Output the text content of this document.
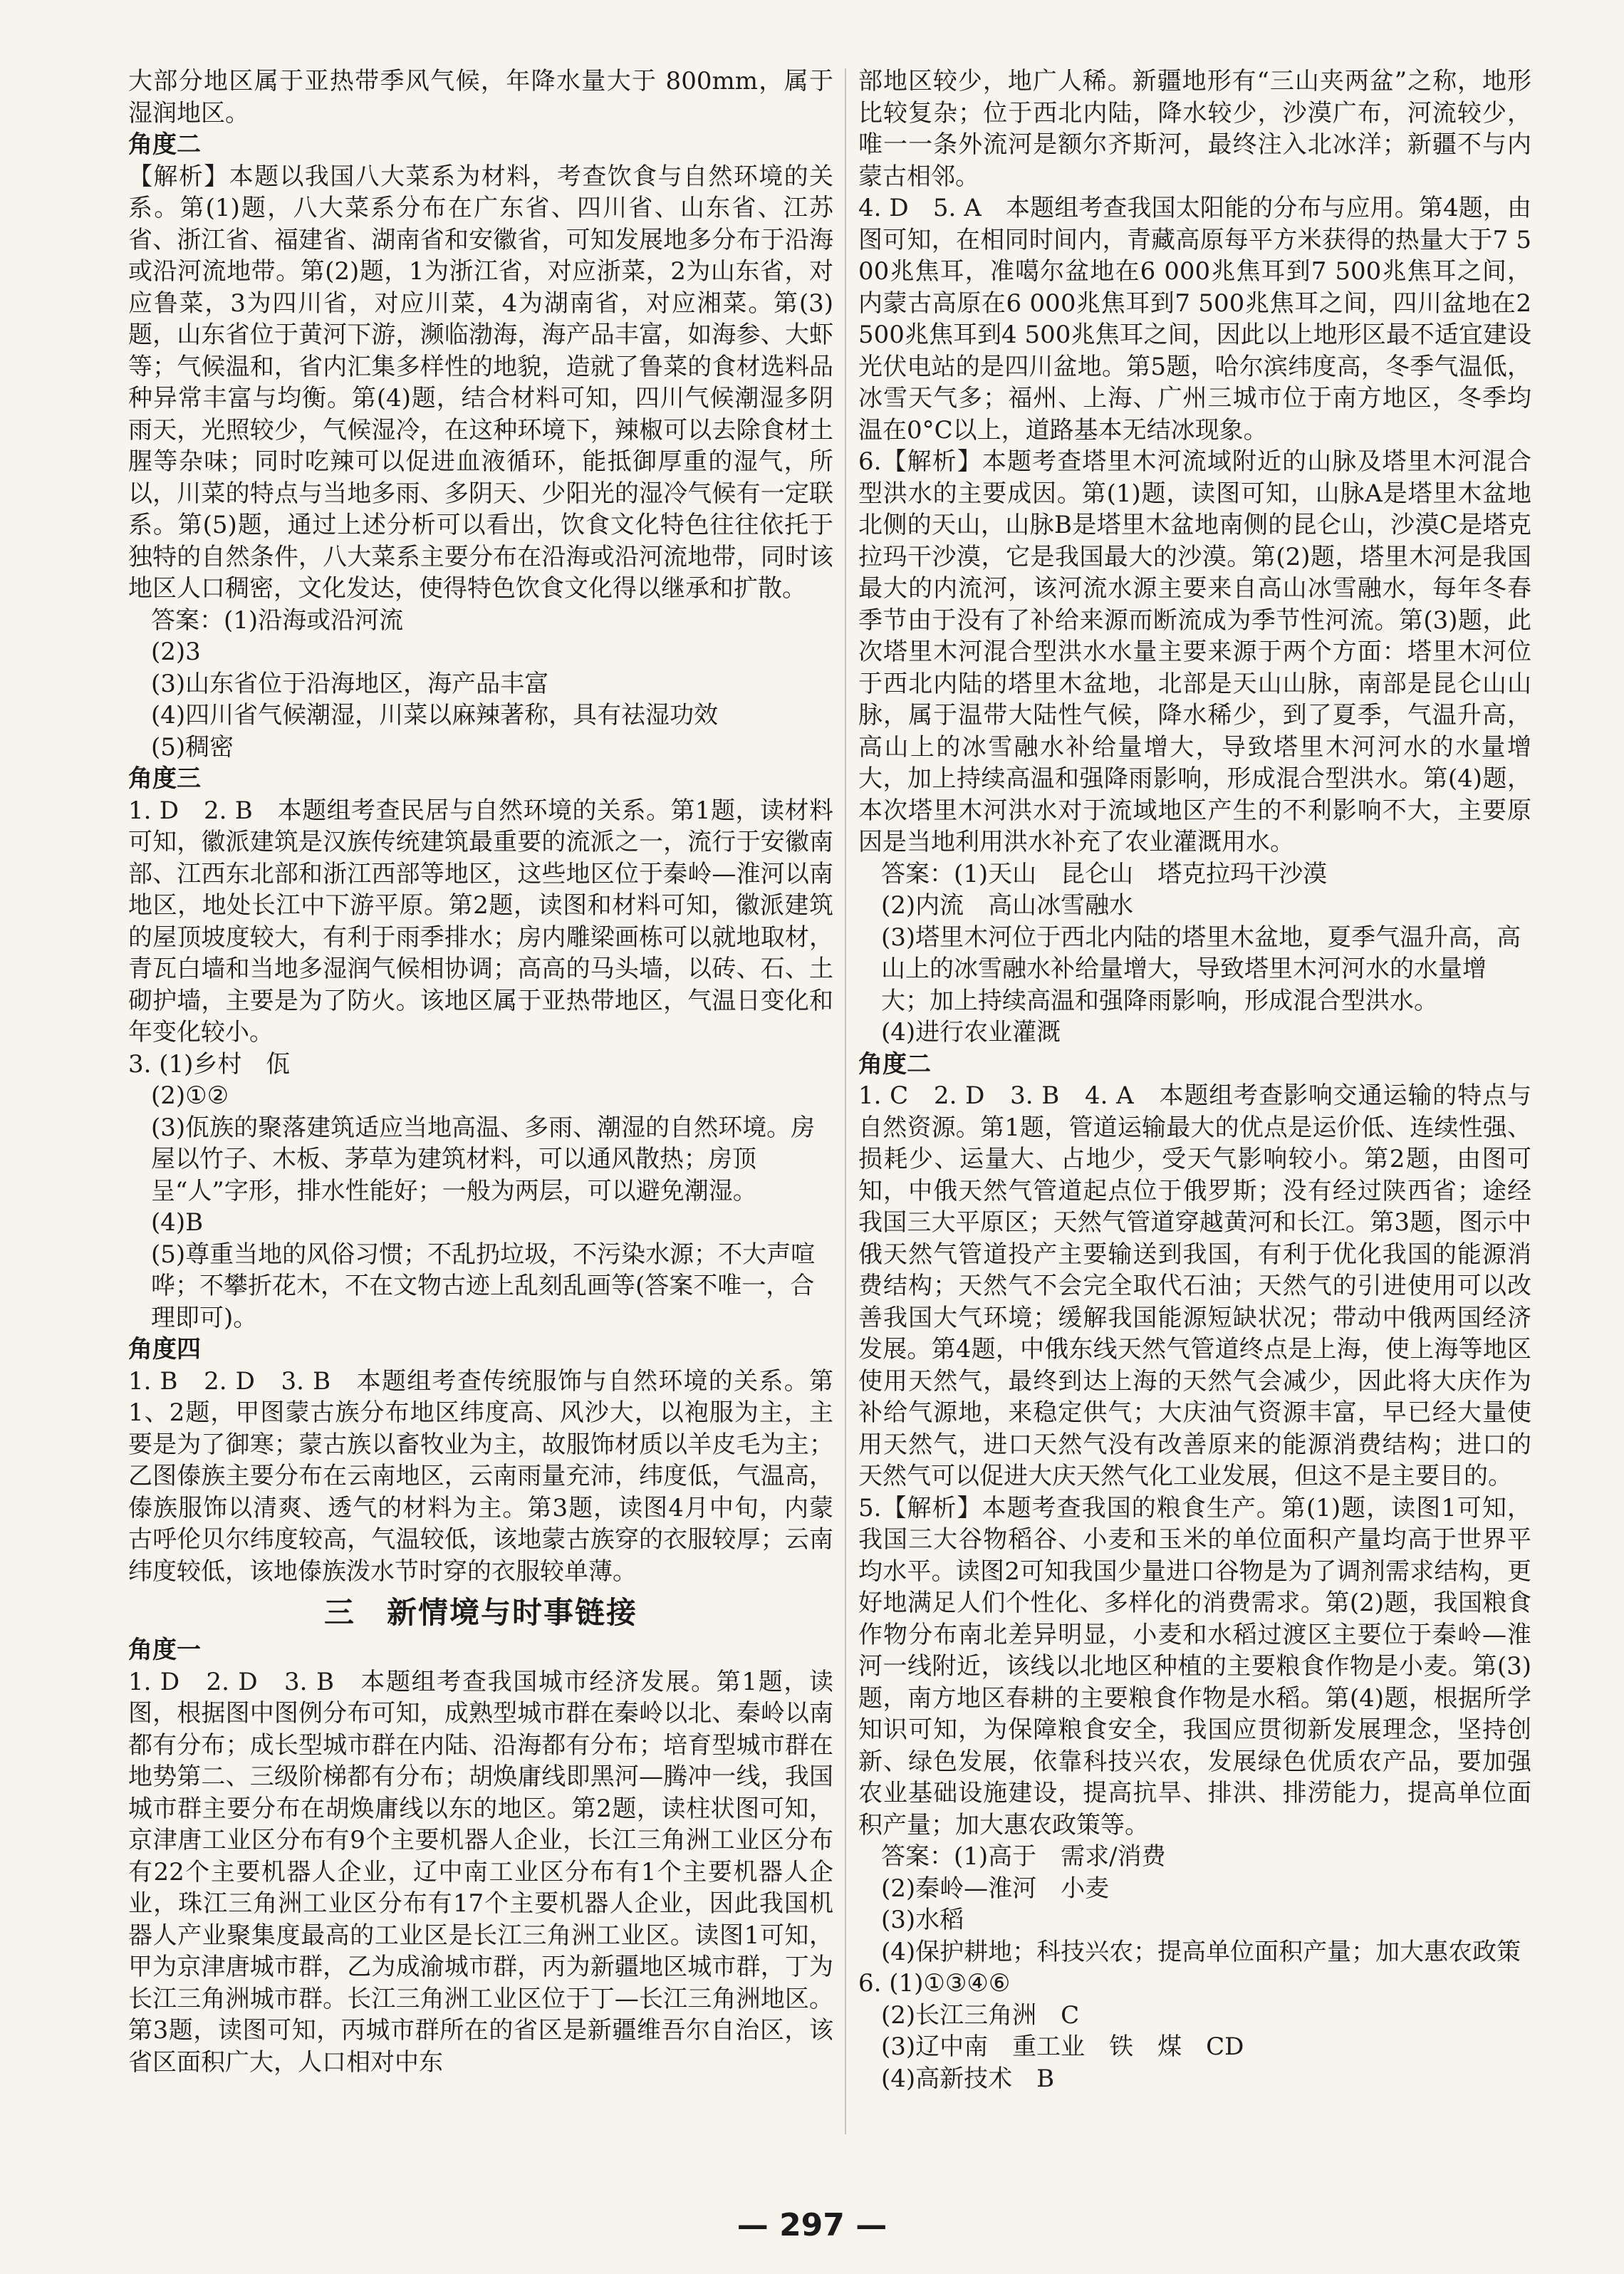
大部分地区属于亚热带季风气候，年降水量大于 800mm，属于湿润地区。

角度二

【解析】本题以我国八大菜系为材料，考查饮食与自然环境的关系。第(1)题，八大菜系分布在广东省、四川省、山东省、江苏省、浙江省、福建省、湖南省和安徽省，可知发展地多分布于沿海或沿河流地带。第(2)题，1为浙江省，对应浙菜，2为山东省，对应鲁菜，3为四川省，对应川菜，4为湖南省，对应湘菜。第(3)题，山东省位于黄河下游，濒临渤海，海产品丰富，如海参、大虾等；气候温和，省内汇集多样性的地貌，造就了鲁菜的食材选料品种异常丰富与均衡。第(4)题，结合材料可知，四川气候潮湿多阴雨天，光照较少，气候湿冷，在这种环境下，辣椒可以去除食材土腥等杂味；同时吃辣可以促进血液循环，能抵御厚重的湿气，所以，川菜的特点与当地多雨、多阴天、少阳光的湿冷气候有一定联系。第(5)题，通过上述分析可以看出，饮食文化特色往往依托于独特的自然条件，八大菜系主要分布在沿海或沿河流地带，同时该地区人口稠密，文化发达，使得特色饮食文化得以继承和扩散。

答案：(1)沿海或沿河流

(2)3

(3)山东省位于沿海地区，海产品丰富

(4)四川省气候潮湿，川菜以麻辣著称，具有祛湿功效

(5)稠密

角度三

1. D　2. B　本题组考查民居与自然环境的关系。第1题，读材料可知，徽派建筑是汉族传统建筑最重要的流派之一，流行于安徽南部、江西东北部和浙江西部等地区，这些地区位于秦岭—淮河以南地区，地处长江中下游平原。第2题，读图和材料可知，徽派建筑的屋顶坡度较大，有利于雨季排水；房内雕梁画栋可以就地取材，青瓦白墙和当地多湿润气候相协调；高高的马头墙，以砖、石、土砌护墙，主要是为了防火。该地区属于亚热带地区，气温日变化和年变化较小。

3. (1)乡村　佤

(2)①②

(3)佤族的聚落建筑适应当地高温、多雨、潮湿的自然环境。房屋以竹子、木板、茅草为建筑材料，可以通风散热；房顶呈“人”字形，排水性能好；一般为两层，可以避免潮湿。

(4)B

(5)尊重当地的风俗习惯；不乱扔垃圾，不污染水源；不大声喧哗；不攀折花木，不在文物古迹上乱刻乱画等(答案不唯一，合理即可)。

角度四

1. B　2. D　3. B　本题组考查传统服饰与自然环境的关系。第1、2题，甲图蒙古族分布地区纬度高、风沙大，以袍服为主，主要是为了御寒；蒙古族以畜牧业为主，故服饰材质以羊皮毛为主；乙图傣族主要分布在云南地区，云南雨量充沛，纬度低，气温高，傣族服饰以清爽、透气的材料为主。第3题，读图4月中旬，内蒙古呼伦贝尔纬度较高，气温较低，该地蒙古族穿的衣服较厚；云南纬度较低，该地傣族泼水节时穿的衣服较单薄。

三　新情境与时事链接

角度一

1. D　2. D　3. B　本题组考查我国城市经济发展。第1题，读图，根据图中图例分布可知，成熟型城市群在秦岭以北、秦岭以南都有分布；成长型城市群在内陆、沿海都有分布；培育型城市群在地势第二、三级阶梯都有分布；胡焕庸线即黑河—腾冲一线，我国城市群主要分布在胡焕庸线以东的地区。第2题，读柱状图可知，京津唐工业区分布有9个主要机器人企业，长江三角洲工业区分布有22个主要机器人企业，辽中南工业区分布有1个主要机器人企业，珠江三角洲工业区分布有17个主要机器人企业，因此我国机器人产业聚集度最高的工业区是长江三角洲工业区。读图1可知，甲为京津唐城市群，乙为成渝城市群，丙为新疆地区城市群，丁为长江三角洲城市群。长江三角洲工业区位于丁—长江三角洲地区。第3题，读图可知，丙城市群所在的省区是新疆维吾尔自治区，该省区面积广大，人口相对中东

部地区较少，地广人稀。新疆地形有“三山夹两盆”之称，地形比较复杂；位于西北内陆，降水较少，沙漠广布，河流较少，唯一一条外流河是额尔齐斯河，最终注入北冰洋；新疆不与内蒙古相邻。

4. D　5. A　本题组考查我国太阳能的分布与应用。第4题，由图可知，在相同时间内，青藏高原每平方米获得的热量大于7 500兆焦耳，准噶尔盆地在6 000兆焦耳到7 500兆焦耳之间，内蒙古高原在6 000兆焦耳到7 500兆焦耳之间，四川盆地在2 500兆焦耳到4 500兆焦耳之间，因此以上地形区最不适宜建设光伏电站的是四川盆地。第5题，哈尔滨纬度高，冬季气温低，冰雪天气多；福州、上海、广州三城市位于南方地区，冬季均温在0°C以上，道路基本无结冰现象。

6.【解析】本题考查塔里木河流域附近的山脉及塔里木河混合型洪水的主要成因。第(1)题，读图可知，山脉A是塔里木盆地北侧的天山，山脉B是塔里木盆地南侧的昆仑山，沙漠C是塔克拉玛干沙漠，它是我国最大的沙漠。第(2)题，塔里木河是我国最大的内流河，该河流水源主要来自高山冰雪融水，每年冬春季节由于没有了补给来源而断流成为季节性河流。第(3)题，此次塔里木河混合型洪水水量主要来源于两个方面：塔里木河位于西北内陆的塔里木盆地，北部是天山山脉，南部是昆仑山山脉，属于温带大陆性气候，降水稀少，到了夏季，气温升高，高山上的冰雪融水补给量增大，导致塔里木河河水的水量增大，加上持续高温和强降雨影响，形成混合型洪水。第(4)题，本次塔里木河洪水对于流域地区产生的不利影响不大，主要原因是当地利用洪水补充了农业灌溉用水。

答案：(1)天山　昆仑山　塔克拉玛干沙漠

(2)内流　高山冰雪融水

(3)塔里木河位于西北内陆的塔里木盆地，夏季气温升高，高山上的冰雪融水补给量增大，导致塔里木河河水的水量增大；加上持续高温和强降雨影响，形成混合型洪水。

(4)进行农业灌溉

角度二

1. C　2. D　3. B　4. A　本题组考查影响交通运输的特点与自然资源。第1题，管道运输最大的优点是运价低、连续性强、损耗少、运量大、占地少，受天气影响较小。第2题，由图可知，中俄天然气管道起点位于俄罗斯；没有经过陕西省；途经我国三大平原区；天然气管道穿越黄河和长江。第3题，图示中俄天然气管道投产主要输送到我国，有利于优化我国的能源消费结构；天然气不会完全取代石油；天然气的引进使用可以改善我国大气环境；缓解我国能源短缺状况；带动中俄两国经济发展。第4题，中俄东线天然气管道终点是上海，使上海等地区使用天然气，最终到达上海的天然气会减少，因此将大庆作为补给气源地，来稳定供气；大庆油气资源丰富，早已经大量使用天然气，进口天然气没有改善原来的能源消费结构；进口的天然气可以促进大庆天然气化工业发展，但这不是主要目的。

5.【解析】本题考查我国的粮食生产。第(1)题，读图1可知，我国三大谷物稻谷、小麦和玉米的单位面积产量均高于世界平均水平。读图2可知我国少量进口谷物是为了调剂需求结构，更好地满足人们个性化、多样化的消费需求。第(2)题，我国粮食作物分布南北差异明显，小麦和水稻过渡区主要位于秦岭—淮河一线附近，该线以北地区种植的主要粮食作物是小麦。第(3)题，南方地区春耕的主要粮食作物是水稻。第(4)题，根据所学知识可知，为保障粮食安全，我国应贯彻新发展理念，坚持创新、绿色发展，依靠科技兴农，发展绿色优质农产品，要加强农业基础设施建设，提高抗旱、排洪、排涝能力，提高单位面积产量；加大惠农政策等。

答案：(1)高于　需求/消费

(2)秦岭—淮河　小麦

(3)水稻

(4)保护耕地；科技兴农；提高单位面积产量；加大惠农政策

6. (1)①③④⑥

(2)长江三角洲　C

(3)辽中南　重工业　铁　煤　CD

(4)高新技术　B

— 297 —
